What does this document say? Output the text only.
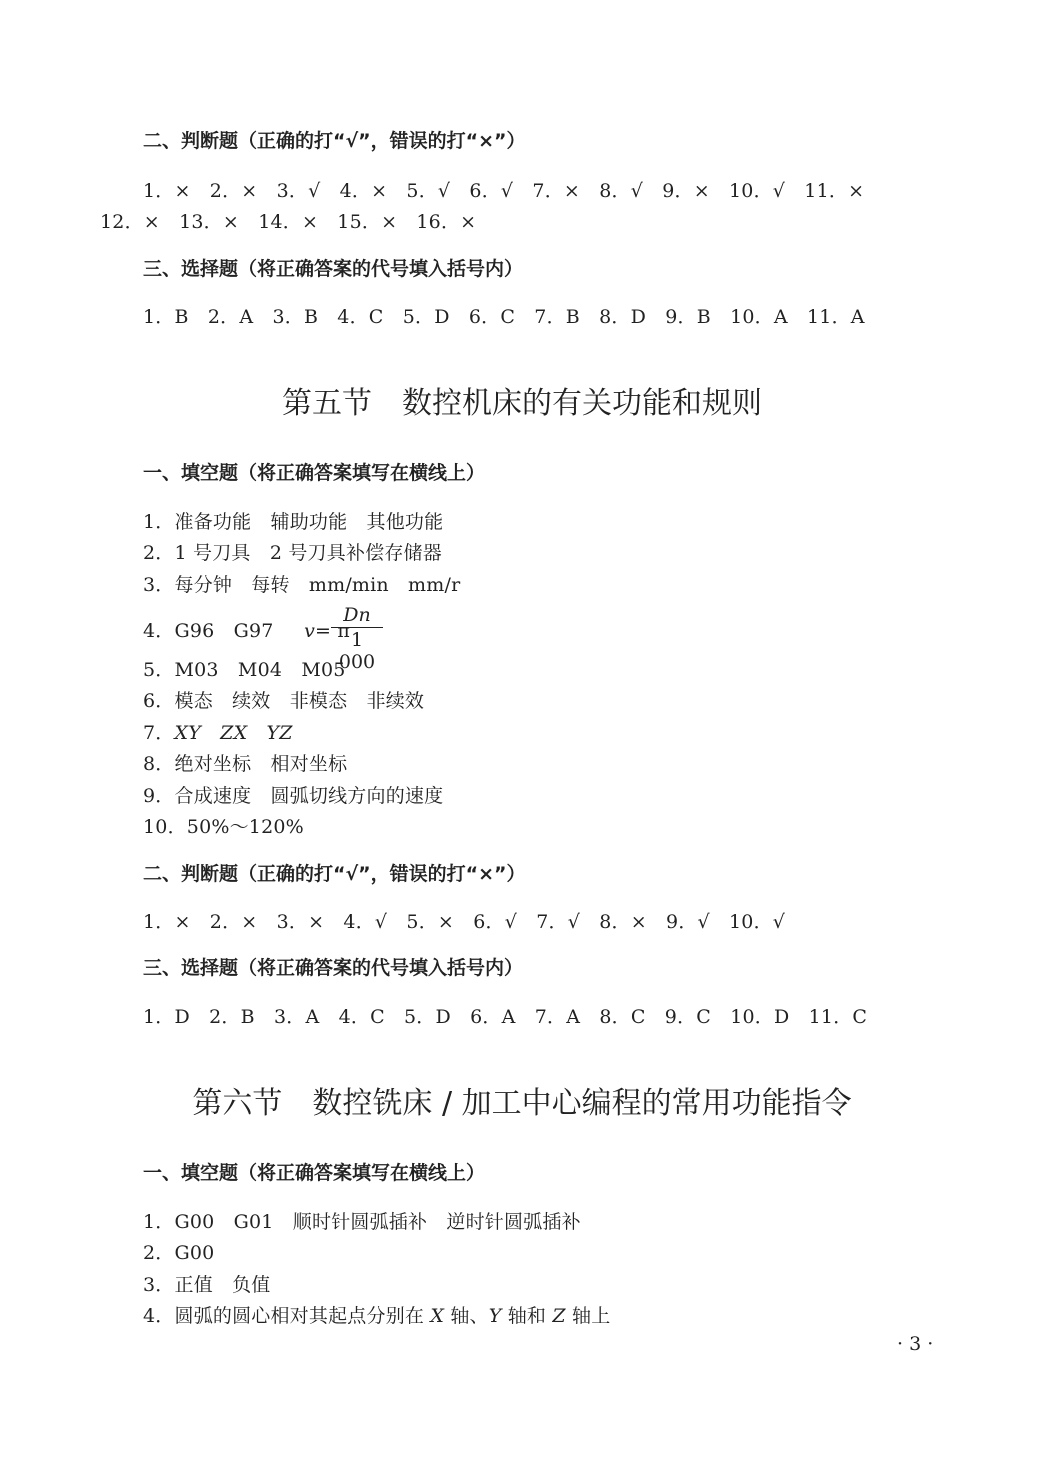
二、判断题（正确的打“√”，错误的打“×”）
1．×　2．×　3．√　4．×　5．√　6．√　7．×　8．√　9．×　10．√　11．×
12．×　13．×　14．×　15．×　16．×
三、选择题（将正确答案的代号填入括号内）
1．B　2．A　3．B　4．C　5．D　6．C　7．B　8．D　9．B　10．A　11．A
第五节　数控机床的有关功能和规则
一、填空题（将正确答案填写在横线上）
1．准备功能　辅助功能　其他功能
2．1 号刀具　2 号刀具补偿存储器
3．每分钟　每转　mm/min　mm/r
4．G96　G97 v= π
Dn
1 000
5．M03　M04　M05
6．模态　续效　非模态　非续效
7．XY　ZX　YZ
8．绝对坐标　相对坐标
9．合成速度　圆弧切线方向的速度
10．50%～120%
二、判断题（正确的打“√”，错误的打“×”）
1．×　2．×　3．×　4．√　5．×　6．√　7．√　8．×　9．√　10．√
三、选择题（将正确答案的代号填入括号内）
1．D　2．B　3．A　4．C　5．D　6．A　7．A　8．C　9．C　10．D　11．C
第六节　数控铣床 / 加工中心编程的常用功能指令
一、填空题（将正确答案填写在横线上）
1．G00　G01　顺时针圆弧插补　逆时针圆弧插补
2．G00
3．正值　负值
4．圆弧的圆心相对其起点分别在 X 轴、Y 轴和 Z 轴上
· 3 ·
